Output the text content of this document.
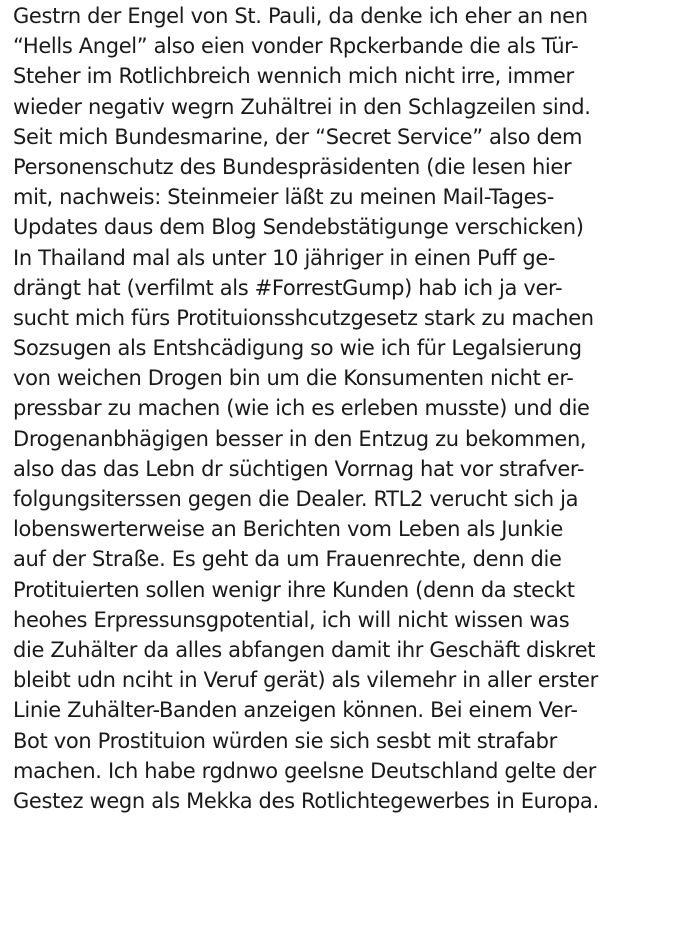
Gestrn der Engel von St. Pauli, da denke ich eher an nen
“Hells Angel” also eien vonder Rpckerbande die als Tür-
Steher im Rotlichbreich wennich mich nicht irre, immer
wieder negativ wegrn Zuhältrei in den Schlagzeilen sind.
Seit mich Bundesmarine, der “Secret Service” also dem
Personenschutz des Bundespräsidenten (die lesen hier
mit, nachweis: Steinmeier läßt zu meinen Mail-Tages-
Updates daus dem Blog Sendebstätigunge verschicken)
In Thailand mal als unter 10 jähriger in einen Puff ge-
drängt hat (verfilmt als #ForrestGump) hab ich ja ver-
sucht mich fürs Protituionsshcutzgesetz stark zu machen
Sozsugen als Entshcädigung so wie ich für Legalsierung
von weichen Drogen bin um die Konsumenten nicht er-
pressbar zu machen (wie ich es erleben musste) und die
Drogenanbhägigen besser in den Entzug zu bekommen,
also das das Lebn dr süchtigen Vorrnag hat vor strafver-
folgungsiterssen gegen die Dealer. RTL2 verucht sich ja
lobenswerterweise an Berichten vom Leben als Junkie
auf der Straße. Es geht da um Frauenrechte, denn die
Protituierten sollen wenigr ihre Kunden (denn da steckt
heohes Erpressunsgpotential, ich will nicht wissen was
die Zuhälter da alles abfangen damit ihr Geschäft diskret
bleibt udn nciht in Veruf gerät) als vilemehr in aller erster
Linie Zuhälter-Banden anzeigen können. Bei einem Ver-
Bot von Prostituion würden sie sich sesbt mit strafabr
machen. Ich habe rgdnwo geelsne Deutschland gelte der
Gestez wegn als Mekka des Rotlichtegewerbes in Europa.
